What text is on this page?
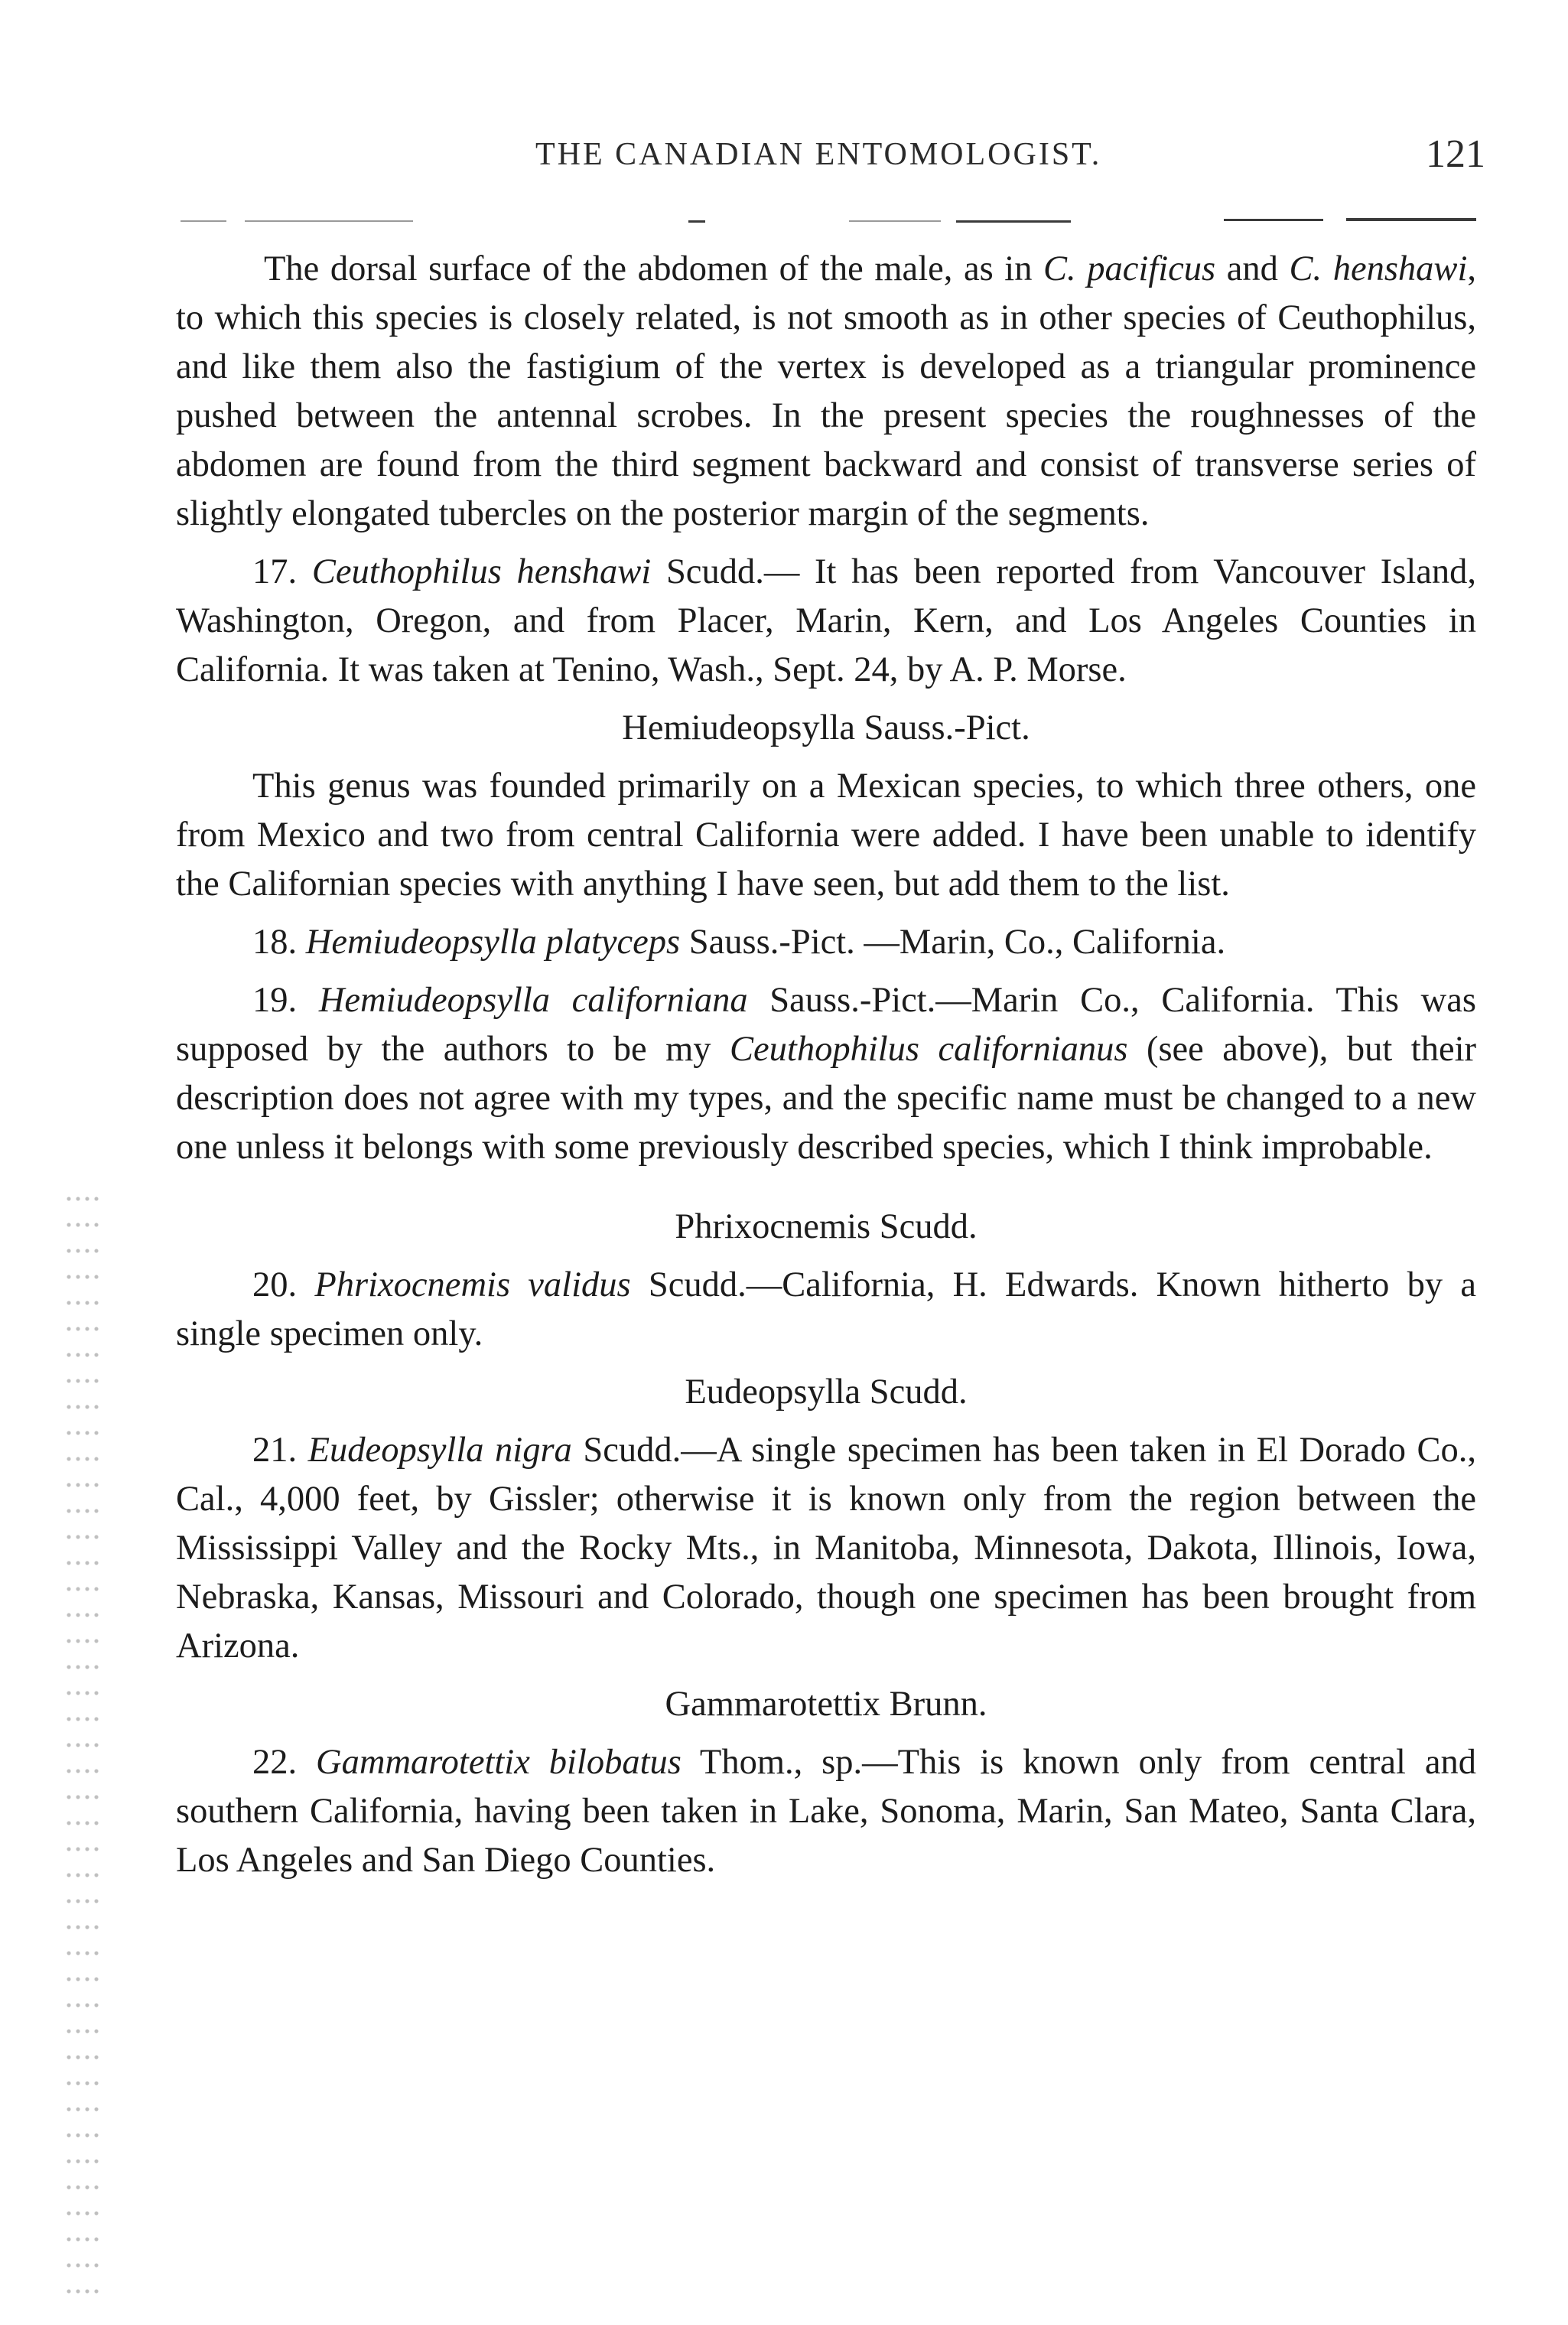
THE CANADIAN ENTOMOLOGIST.	121

The dorsal surface of the abdomen of the male, as in C. pacificus and C. henshawi, to which this species is closely related, is not smooth as in other species of Ceuthophilus, and like them also the fastigium of the vertex is developed as a triangular prominence pushed between the antennal scrobes. In the present species the roughnesses of the abdomen are found from the third segment backward and consist of transverse series of slightly elongated tubercles on the posterior margin of the segments.

17. Ceuthophilus henshawi Scudd.— It has been reported from Vancouver Island, Washington, Oregon, and from Placer, Marin, Kern, and Los Angeles Counties in California. It was taken at Tenino, Wash., Sept. 24, by A. P. Morse.

Hemiudeopsylla Sauss.-Pict.

This genus was founded primarily on a Mexican species, to which three others, one from Mexico and two from central California were added. I have been unable to identify the Californian species with anything I have seen, but add them to the list.

18. Hemiudeopsylla platyceps Sauss.-Pict. —Marin, Co., California.

19. Hemiudeopsylla californiana Sauss.-Pict.—Marin Co., California. This was supposed by the authors to be my Ceuthophilus californianus (see above), but their description does not agree with my types, and the specific name must be changed to a new one unless it belongs with some previously described species, which I think improbable.

Phrixocnemis Scudd.

20. Phrixocnemis validus Scudd.—California, H. Edwards. Known hitherto by a single specimen only.

Eudeopsylla Scudd.

21. Eudeopsylla nigra Scudd.—A single specimen has been taken in El Dorado Co., Cal., 4,000 feet, by Gissler; otherwise it is known only from the region between the Mississippi Valley and the Rocky Mts., in Manitoba, Minnesota, Dakota, Illinois, Iowa, Nebraska, Kansas, Missouri and Colorado, though one specimen has been brought from Arizona.

Gammarotettix Brunn.

22. Gammarotettix bilobatus Thom., sp.—This is known only from central and southern California, having been taken in Lake, Sonoma, Marin, San Mateo, Santa Clara, Los Angeles and San Diego Counties.
